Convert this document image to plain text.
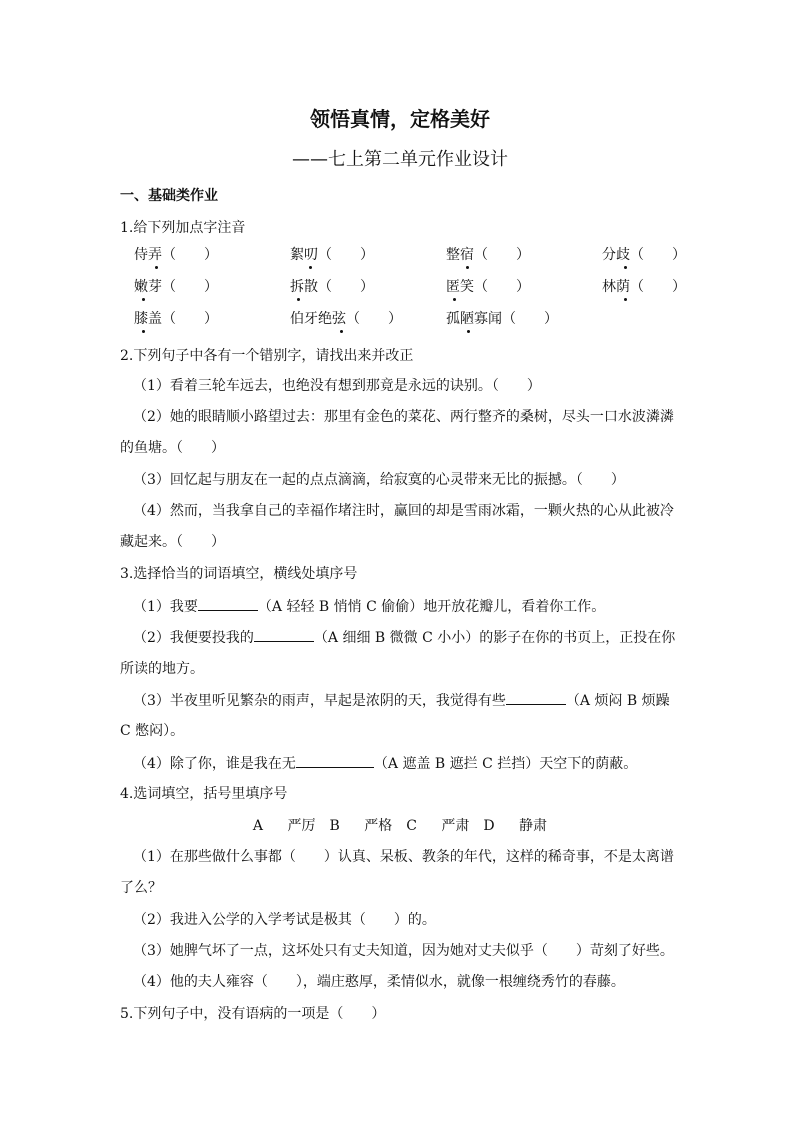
领悟真情，定格美好
——七上第二单元作业设计
一、基础类作业
1.给下列加点字注音
侍弄（　　）	絮叨（　　）	整宿（　　）	分歧（　　）
嫩芽（　　）	拆散（　　）	匿笑（　　）	林荫（　　）
膝盖（　　）	伯牙绝弦（　　）	孤陋寡闻（　　）
2.下列句子中各有一个错别字，请找出来并改正
（1）看着三轮车远去，也绝没有想到那竟是永远的诀别。（　　）
（2）她的眼睛顺小路望过去：那里有金色的菜花、两行整齐的桑树，尽头一口水波潾潾
的鱼塘。（　　）
（3）回忆起与朋友在一起的点点滴滴，给寂寞的心灵带来无比的振撼。（　　）
（4）然而，当我拿自己的幸福作堵注时，赢回的却是雪雨冰霜，一颗火热的心从此被冷
藏起来。（　　）
3.选择恰当的词语填空，横线处填序号
（1）我要	（A 轻轻 B 悄悄 C 偷偷）地开放花瓣儿，看着你工作。
（2）我便要投我的	（A 细细 B 微微 C 小小）的影子在你的书页上，正投在你
所读的地方。
（3）半夜里听见繁杂的雨声，早起是浓阴的天，我觉得有些	（A 烦闷 B 烦躁
C 憋闷）。
（4）除了你，谁是我在无	（A 遮盖 B 遮拦 C 拦挡）天空下的荫蔽。
4.选词填空，括号里填序号
A 严厉　B 严格　C 严肃　D 静肃
（1）在那些做什么事都（　　）认真、呆板、教条的年代，这样的稀奇事，不是太离谱
了么？
（2）我进入公学的入学考试是极其（　　）的。
（3）她脾气坏了一点，这坏处只有丈夫知道，因为她对丈夫似乎（　　）苛刻了好些。
（4）他的夫人雍容（　　），端庄憨厚，柔情似水，就像一根缠绕秀竹的春藤。
5.下列句子中，没有语病的一项是（　　）
